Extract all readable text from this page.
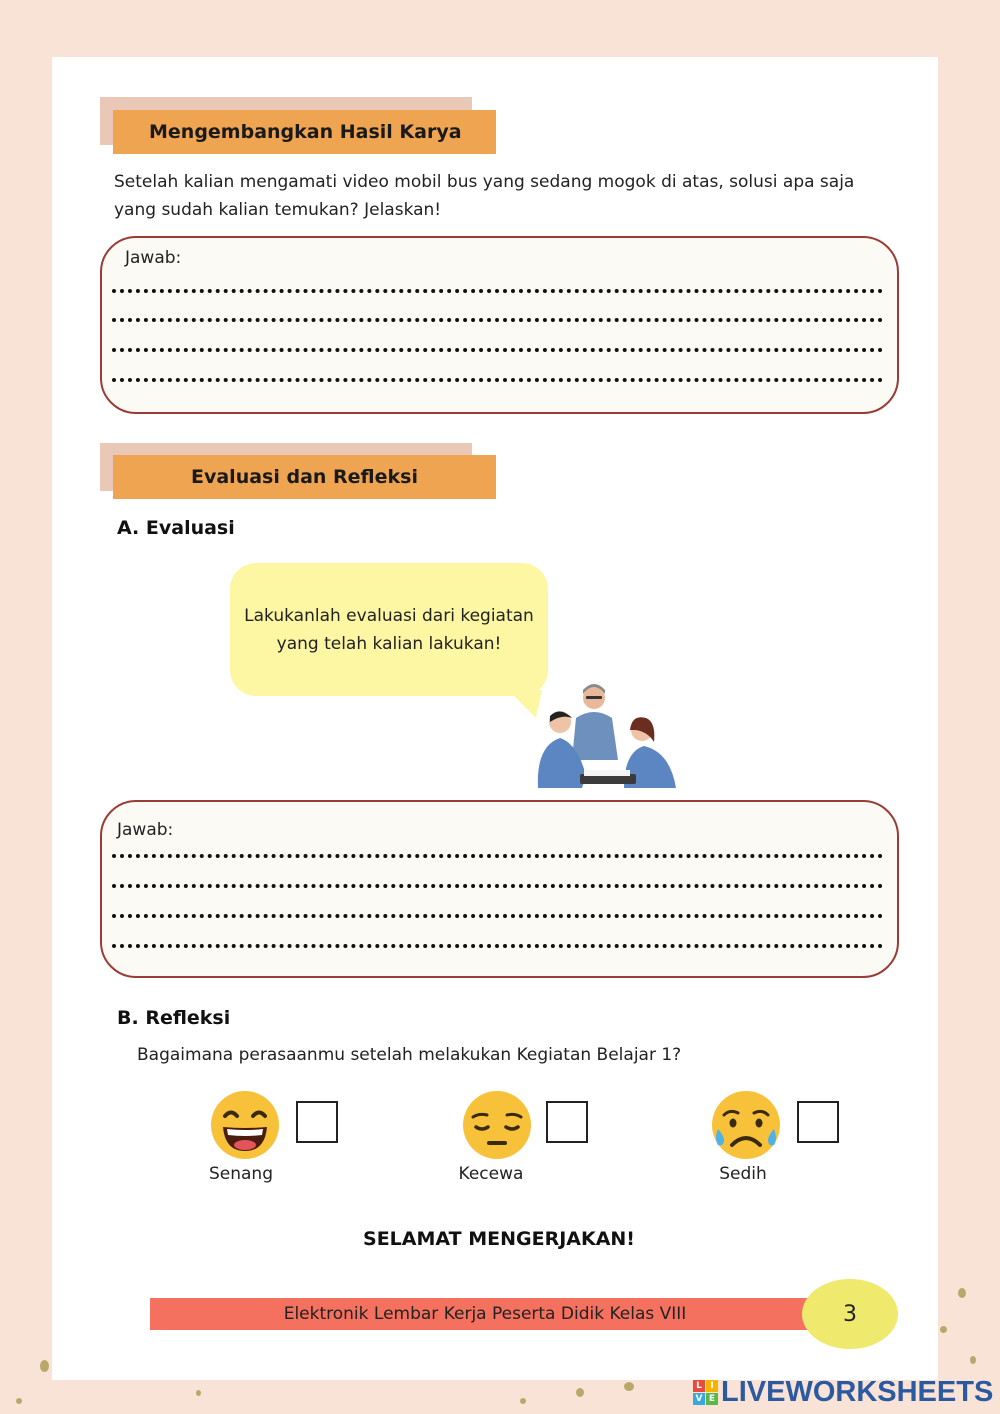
Mengembangkan Hasil Karya
Setelah kalian mengamati video mobil bus yang sedang mogok di atas, solusi apa saja
yang sudah kalian temukan? Jelaskan!
Jawab:
Evaluasi dan Refleksi
A. Evaluasi
Lakukanlah evaluasi dari kegiatan
yang telah kalian lakukan!
Jawab:
B. Refleksi
Bagaimana perasaanmu setelah melakukan Kegiatan Belajar 1?
Senang	Kecewa	Sedih
SELAMAT MENGERJAKAN!
Elektronik Lembar Kerja Peserta Didik Kelas VIII	3
L I
V E LIVEWORKSHEETS
